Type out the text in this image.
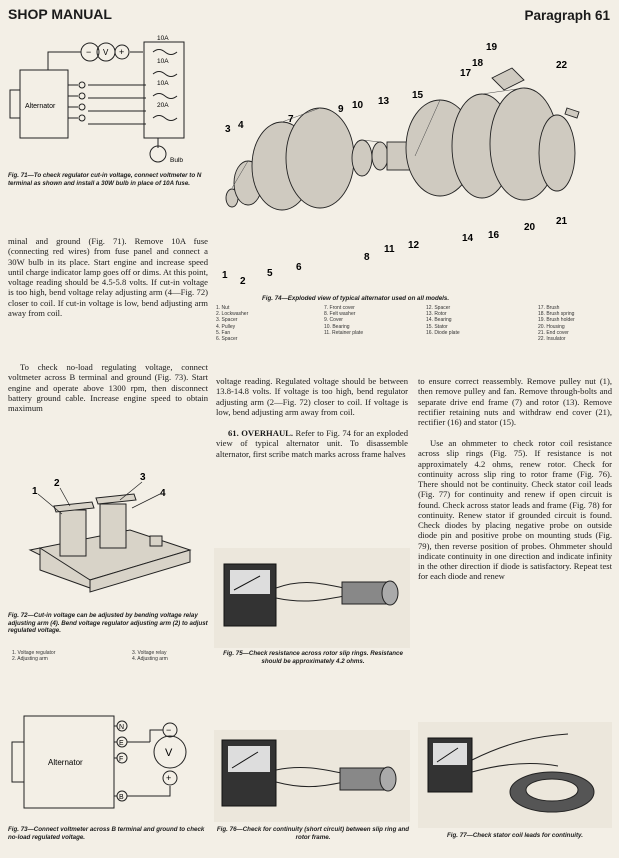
SHOP MANUAL	Paragraph 61
Alternator
V
−	+
10A
10A
10A
20A
Bulb
Fig. 71—To check regulator cut-in voltage, connect voltmeter to N terminal as shown and install a 30W bulb in place of 10A fuse.
1
2
3 4
5
6
7
8
9 10
11 12
13
14
15
16
17
18
19
20
21
22
Fig. 74—Exploded view of typical alternator used on all models.
1. Nut
2. Lockwasher
3. Spacer
4. Pulley
5. Fan
6. Spacer
7. Front cover
8. Felt washer
9. Cover
10. Bearing
11. Retainer plate
12. Spacer
13. Rotor
14. Bearing
15. Stator
16. Diode plate
17. Brush
18. Brush spring
19. Brush holder
20. Housing
21. End cover
22. Insulator
minal and ground (Fig. 71). Remove 10A fuse (connecting red wires) from fuse panel and connect a 30W bulb in its place. Start engine and increase speed until charge indicator lamp goes off or dims. At this point, voltage reading should be 4.5-5.8 volts. If cut-in voltage is too high, bend voltage relay adjusting arm (4—Fig. 72) closer to coil. If cut-in voltage is low, bend adjusting arm away from coil.
To check no-load regulating voltage, connect voltmeter across B terminal and ground (Fig. 73). Start engine and operate above 1300 rpm, then disconnect battery ground cable. Increase engine speed to obtain maximum
voltage reading. Regulated voltage should be between 13.8-14.8 volts. If voltage is too high, bend regulator adjusting arm (2—Fig. 72) closer to coil. If voltage is low, bend adjusting arm away from coil.
61. OVERHAUL. Refer to Fig. 74 for an exploded view of typical alternator unit. To disassemble alternator, first scribe match marks across frame halves
to ensure correct reassembly. Remove pulley nut (1), then remove pulley and fan. Remove through-bolts and separate drive end frame (7) and rotor (13). Remove rectifier retaining nuts and withdraw end cover (21), rectifier (16) and stator (15).
Use an ohmmeter to check rotor coil resistance across slip rings (Fig. 75). If resistance is not approximately 4.2 ohms, renew rotor. Check for continuity across slip ring to rotor frame (Fig. 76). There should not be continuity. Check stator coil leads (Fig. 77) for continuity and renew if open circuit is found. Check across stator leads and frame (Fig. 78) for continuity. Renew stator if grounded circuit is found. Check diodes by placing negative probe on outside diode pin and positive probe on mounting studs (Fig. 79), then reverse position of probes. Ohmmeter should indicate continuity in one direction and indicate infinity in the other direction if diode is satisfactory. Repeat test for each diode and renew
1
2
3
4
Fig. 72—Cut-in voltage can be adjusted by bending voltage relay adjusting arm (4). Bend voltage regulator adjusting arm (2) to adjust regulated voltage.
1. Voltage regulator
2. Adjusting arm
3. Voltage relay
4. Adjusting arm
Fig. 75—Check resistance across rotor slip rings. Resistance should be approximately 4.2 ohms.
Alternator
N
E
F
B
V
−
+
Fig. 73—Connect voltmeter across B terminal and ground to check no-load regulated voltage.
Fig. 76—Check for continuity (short circuit) between slip ring and rotor frame.	Fig. 77—Check stator coil leads for continuity.
